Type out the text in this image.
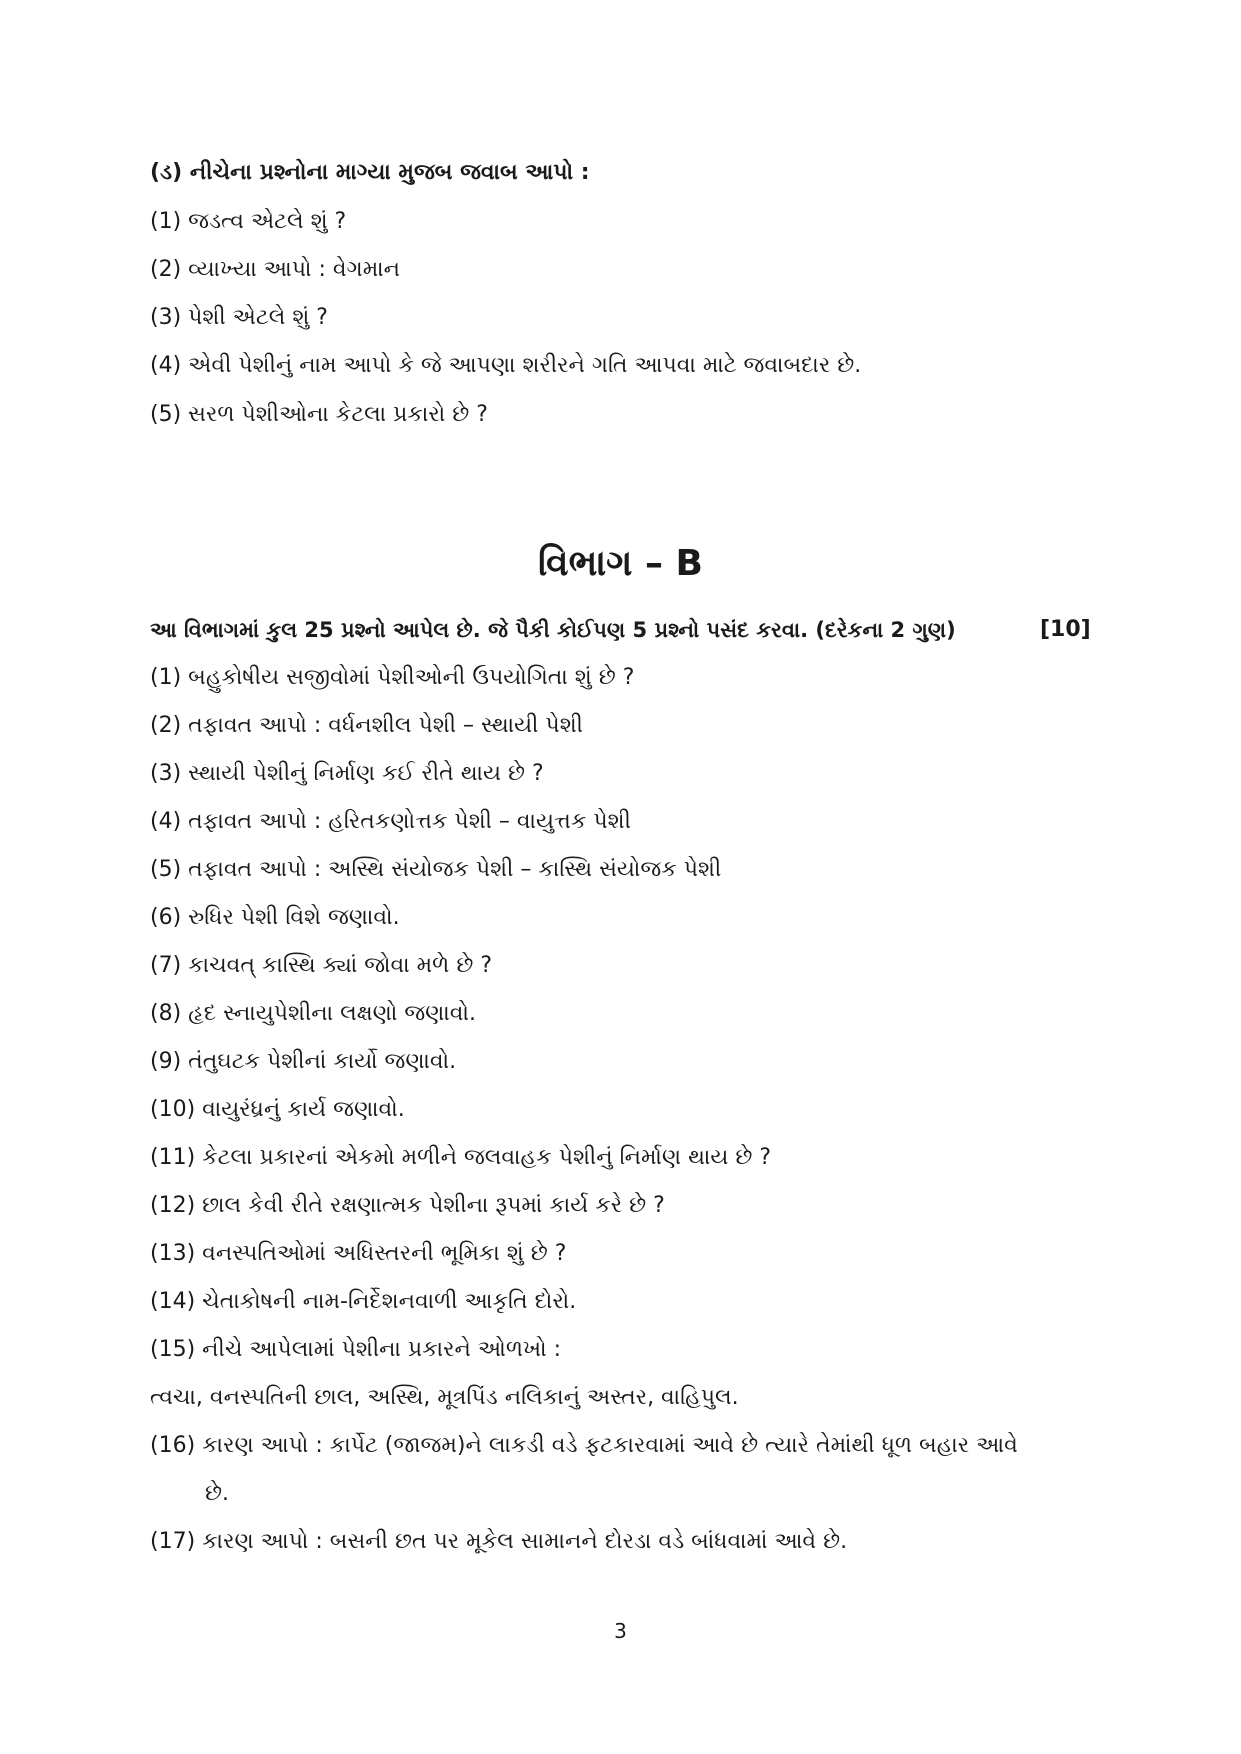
(ડ) નીચેના પ્રશ્નોના માગ્યા મુજબ જવાબ આપો :
(1) જડત્વ એટલે શું ?
(2) વ્યાખ્યા આપો : વેગમાન
(3) પેશી એટલે શું ?
(4) એવી પેશીનું નામ આપો કે જે આપણા શરીરને ગતિ આપવા માટે જવાબદાર છે.
(5) સરળ પેશીઓના કેટલા પ્રકારો છે ?
વિભાગ – B
આ વિભાગમાં કુલ 25 પ્રશ્નો આપેલ છે. જે પૈકી કોઈપણ 5 પ્રશ્નો પસંદ કરવા. (દરેકના 2 ગુણ)	[10]
(1) બહુકોષીય સજીવોમાં પેશીઓની ઉપયોગિતા શું છે ?
(2) તફાવત આપો : વર્ધનશીલ પેશી – સ્થાયી પેશી
(3) સ્થાયી પેશીનું નિર્માણ કઈ રીતે થાય છે ?
(4) તફાવત આપો : હરિતકણોત્તક પેશી – વાયુત્તક પેશી
(5) તફાવત આપો : અસ્થિ સંયોજક પેશી – કાસ્થિ સંયોજક પેશી
(6) રુધિર પેશી વિશે જણાવો.
(7) કાચવત્ કાસ્થિ ક્યાં જોવા મળે છે ?
(8) હૃદ સ્નાયુપેશીના લક્ષણો જણાવો.
(9) તંતુઘટક પેશીનાં કાર્યો જણાવો.
(10) વાયુરંધ્રનું કાર્ય જણાવો.
(11) કેટલા પ્રકારનાં એકમો મળીને જલવાહક પેશીનું નિર્માણ થાય છે ?
(12) છાલ કેવી રીતે રક્ષણાત્મક પેશીના રૂપમાં કાર્ય કરે છે ?
(13) વનસ્પતિઓમાં અધિસ્તરની ભૂમિકા શું છે ?
(14) ચેતાકોષની નામ-નિર્દેશનવાળી આકૃતિ દોરો.
(15) નીચે આપેલામાં પેશીના પ્રકારને ઓળખો :
ત્વચા, વનસ્પતિની છાલ, અસ્થિ, મૂત્રપિંડ નલિકાનું અસ્તર, વાહિપુલ.
(16) કારણ આપો : કાર્પેટ (જાજમ)ને લાકડી વડે ફટકારવામાં આવે છે ત્યારે તેમાંથી ધૂળ બહાર આવે
છે.
(17) કારણ આપો : બસની છત પર મૂકેલ સામાનને દોરડા વડે બાંધવામાં આવે છે.
3
